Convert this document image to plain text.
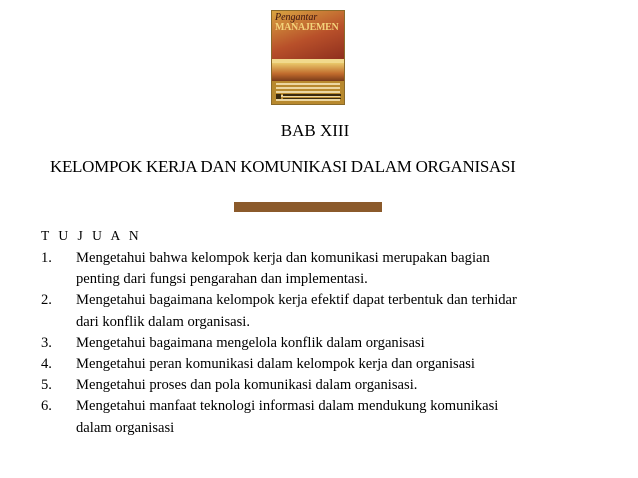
Pengantar
MANAJEMEN
BAB XIII
KELOMPOK KERJA DAN KOMUNIKASI DALAM ORGANISASI
T U J U A N
1. Mengetahui bahwa kelompok kerja dan komunikasi merupakan bagian
penting dari fungsi pengarahan dan implementasi.
2. Mengetahui bagaimana kelompok kerja efektif dapat terbentuk dan terhidar
dari konflik dalam organisasi.
3. Mengetahui bagaimana mengelola konflik dalam organisasi
4. Mengetahui peran komunikasi dalam kelompok kerja dan organisasi
5. Mengetahui proses dan pola komunikasi dalam organisasi.
6. Mengetahui manfaat teknologi informasi dalam mendukung komunikasi
dalam organisasi
